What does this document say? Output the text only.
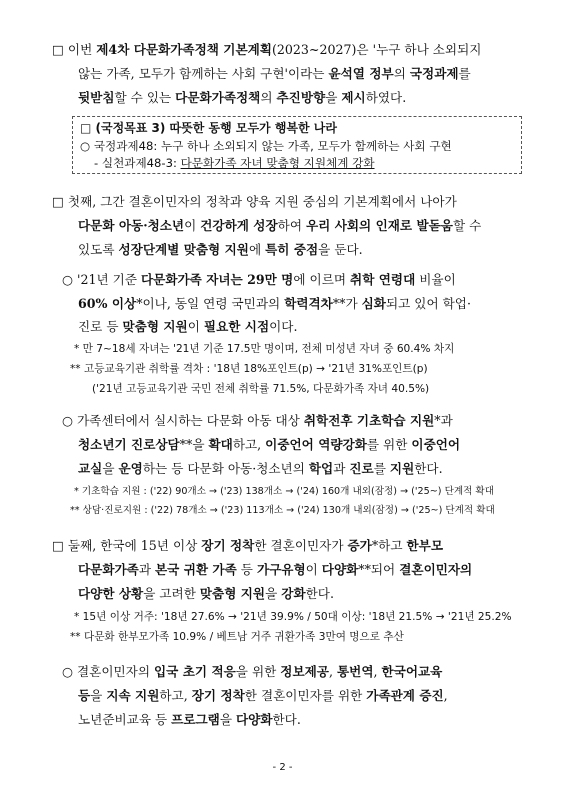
□ 이번 제4차 다문화가족정책 기본계획(2023~2027)은 '누구 하나 소외되지
않는 가족, 모두가 함께하는 사회 구현'이라는 윤석열 정부의 국정과제를
뒷받침할 수 있는 다문화가족정책의 추진방향을 제시하였다.
□ (국정목표 3) 따뜻한 동행 모두가 행복한 나라
○ 국정과제48: 누구 하나 소외되지 않는 가족, 모두가 함께하는 사회 구현
- 실천과제48-3: 다문화가족 자녀 맞춤형 지원체계 강화
□ 첫째, 그간 결혼이민자의 정착과 양육 지원 중심의 기본계획에서 나아가
다문화 아동·청소년이 건강하게 성장하여 우리 사회의 인재로 발돋움할 수
있도록 성장단계별 맞춤형 지원에 특히 중점을 둔다.
○ '21년 기준 다문화가족 자녀는 29만 명에 이르며 취학 연령대 비율이
60% 이상*이나, 동일 연령 국민과의 학력격차**가 심화되고 있어 학업·
진로 등 맞춤형 지원이 필요한 시점이다.
* 만 7~18세 자녀는 '21년 기준 17.5만 명이며, 전체 미성년 자녀 중 60.4% 차지
** 고등교육기관 취학률 격차 : '18년 18%포인트(p) → '21년 31%포인트(p)
('21년 고등교육기관 국민 전체 취학률 71.5%, 다문화가족 자녀 40.5%)
○ 가족센터에서 실시하는 다문화 아동 대상 취학전후 기초학습 지원*과
청소년기 진로상담**을 확대하고, 이중언어 역량강화를 위한 이중언어
교실을 운영하는 등 다문화 아동·청소년의 학업과 진로를 지원한다.
* 기초학습 지원 : ('22) 90개소 → ('23) 138개소 → ('24) 160개 내외(잠정) → ('25~) 단계적 확대
** 상담·진로지원 : ('22) 78개소 → ('23) 113개소 → ('24) 130개 내외(잠정) → ('25~) 단계적 확대
□ 둘째, 한국에 15년 이상 장기 정착한 결혼이민자가 증가*하고 한부모
다문화가족과 본국 귀환 가족 등 가구유형이 다양화**되어 결혼이민자의
다양한 상황을 고려한 맞춤형 지원을 강화한다.
* 15년 이상 거주: '18년 27.6% → '21년 39.9% / 50대 이상: '18년 21.5% → '21년 25.2%
** 다문화 한부모가족 10.9% / 베트남 거주 귀환가족 3만여 명으로 추산
○ 결혼이민자의 입국 초기 적응을 위한 정보제공, 통번역, 한국어교육
등을 지속 지원하고, 장기 정착한 결혼이민자를 위한 가족관계 증진,
노년준비교육 등 프로그램을 다양화한다.
- 2 -
